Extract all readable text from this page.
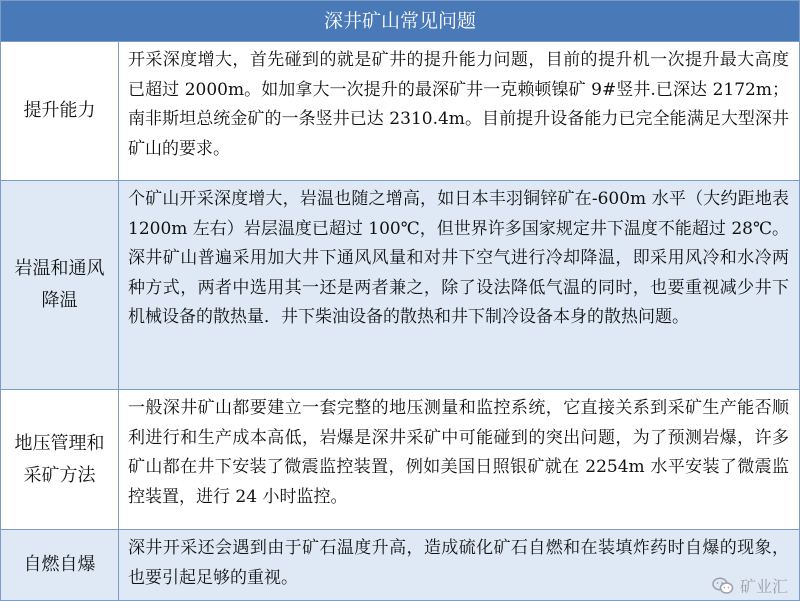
深井矿山常见问题
提升能力
开采深度增大，首先碰到的就是矿井的提升能力问题，目前的提升机一次提升最大高度已超过 2000m。如加拿大一次提升的最深矿井一克赖顿镍矿 9#竖井.已深达 2172m；南非斯坦总统金矿的一条竖井已达 2310.4m。目前提升设备能力已完全能满足大型深井矿山的要求。
岩温和通风降温
个矿山开采深度增大，岩温也随之增高，如日本丰羽铜锌矿在-600m 水平（大约距地表 1200m 左右）岩层温度已超过 100℃，但世界许多国家规定井下温度不能超过 28℃。深井矿山普遍采用加大井下通风风量和对井下空气进行冷却降温，即采用风冷和水冷两种方式，两者中选用其一还是两者兼之，除了设法降低气温的同时，也要重视减少井下机械设备的散热量．井下柴油设备的散热和井下制冷设备本身的散热问题。
地压管理和采矿方法
一般深井矿山都要建立一套完整的地压测量和监控系统，它直接关系到采矿生产能否顺利进行和生产成本高低，岩爆是深井采矿中可能碰到的突出问题，为了预测岩爆，许多矿山都在井下安装了微震监控装置，例如美国日照银矿就在 2254m 水平安装了微震监控装置，进行 24 小时监控。
自燃自爆
深井开采还会遇到由于矿石温度升高，造成硫化矿石自燃和在装填炸药时自爆的现象，也要引起足够的重视。	矿业汇
